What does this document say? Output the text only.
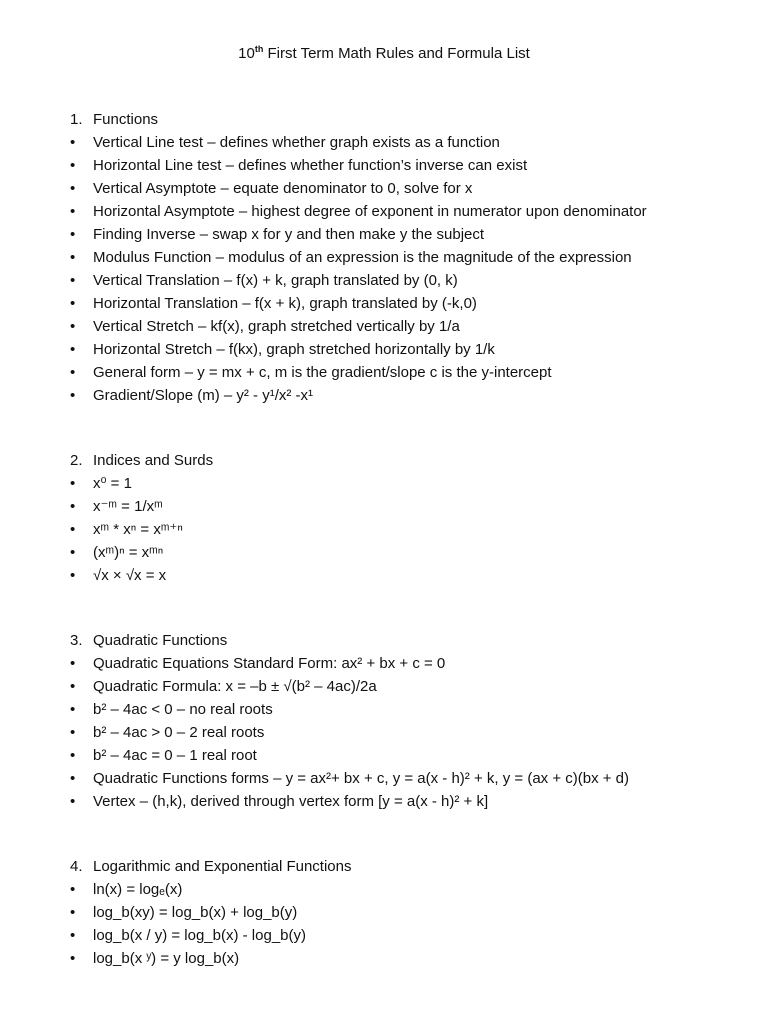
10th First Term Math Rules and Formula List
1. Functions
• Vertical Line test – defines whether graph exists as a function
• Horizontal Line test – defines whether function’s inverse can exist
• Vertical Asymptote – equate denominator to 0, solve for x
• Horizontal Asymptote – highest degree of exponent in numerator upon denominator
• Finding Inverse – swap x for y and then make y the subject
• Modulus Function – modulus of an expression is the magnitude of the expression
• Vertical Translation – f(x) + k, graph translated by (0, k)
• Horizontal Translation – f(x + k), graph translated by (-k,0)
• Vertical Stretch – kf(x), graph stretched vertically by 1/a
• Horizontal Stretch – f(kx), graph stretched horizontally by 1/k
• General form – y = mx + c, m is the gradient/slope c is the y-intercept
• Gradient/Slope (m) – y² - y¹/x² -x¹
2. Indices and Surds
• x⁰ = 1
• x⁻ᵐ = 1/xᵐ
• xᵐ * xⁿ = xᵐ⁺ⁿ
• (xᵐ)ⁿ = xᵐⁿ
• √x × √x = x
3. Quadratic Functions
• Quadratic Equations Standard Form: ax² + bx + c = 0
• Quadratic Formula: x = –b ± √(b² – 4ac)/2a
• b² – 4ac < 0 – no real roots
• b² – 4ac > 0 – 2 real roots
• b² – 4ac = 0 – 1 real root
• Quadratic Functions forms – y = ax²+ bx + c, y = a(x - h)² + k, y = (ax + c)(bx + d)
• Vertex – (h,k), derived through vertex form [y = a(x - h)² + k]
4. Logarithmic and Exponential Functions
• ln(x) = logₑ(x)
• log_b(xy) = log_b(x) + log_b(y)
• log_b(x / y) = log_b(x) - log_b(y)
• log_b(x ʸ) = y log_b(x)
